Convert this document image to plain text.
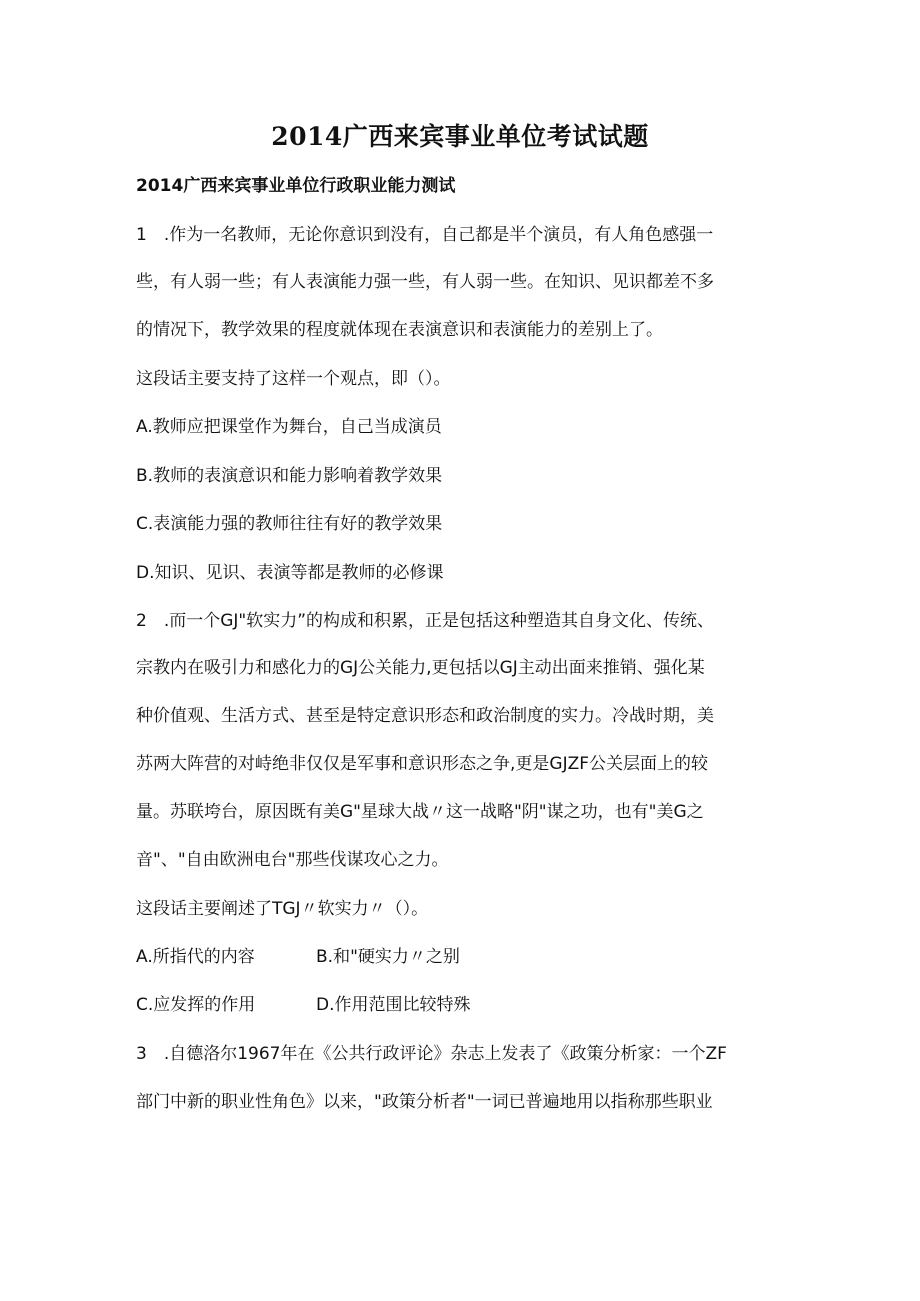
2014广西来宾事业单位考试试题
2014广西来宾事业单位行政职业能力测试
1　.作为一名教师，无论你意识到没有，自己都是半个演员，有人角色感强一
些，有人弱一些；有人表演能力强一些，有人弱一些。在知识、见识都差不多
的情况下，教学效果的程度就体现在表演意识和表演能力的差别上了。
这段话主要支持了这样一个观点，即（）。
A.教师应把课堂作为舞台，自己当成演员
B.教师的表演意识和能力影响着教学效果
C.表演能力强的教师往往有好的教学效果
D.知识、见识、表演等都是教师的必修课
2　.而一个GJ"软实力”的构成和积累，正是包括这种塑造其自身文化、传统、
宗教内在吸引力和感化力的GJ公关能力,更包括以GJ主动出面来推销、强化某
种价值观、生活方式、甚至是特定意识形态和政治制度的实力。冷战时期，美
苏两大阵营的对峙绝非仅仅是军事和意识形态之争,更是GJZF公关层面上的较
量。苏联垮台，原因既有美G"星球大战〃这一战略"阴"谋之功，也有"美G之
音"、"自由欧洲电台"那些伐谋攻心之力。
这段话主要阐述了TGJ〃软实力〃（）。
A.所指代的内容	B.和"硬实力〃之别
C.应发挥的作用	D.作用范围比较特殊
3　.自德洛尔1967年在《公共行政评论》杂志上发表了《政策分析家：一个ZF
部门中新的职业性角色》以来，"政策分析者"一词已普遍地用以指称那些职业
